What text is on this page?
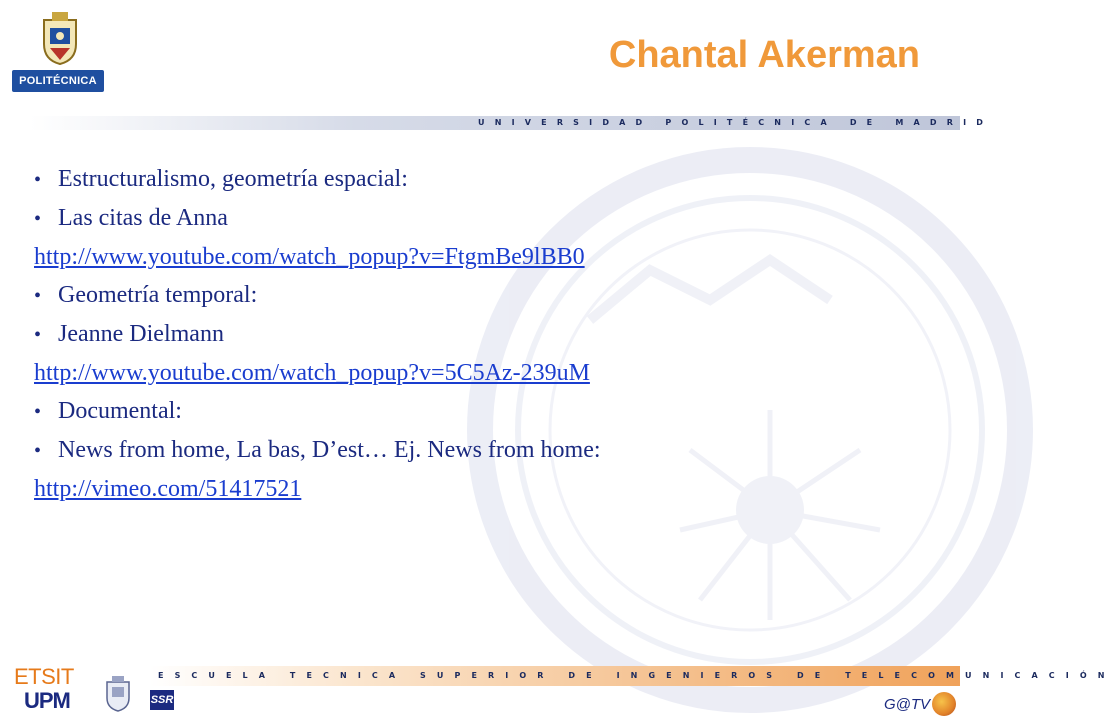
POLITÉCNICA
Chantal Akerman
UNIVERSIDAD POLITÉCNICA DE MADRID
• Estructuralismo, geometría espacial:
• Las citas de Anna
http://www.youtube.com/watch_popup?v=FtgmBe9lBB0
• Geometría temporal:
• Jeanne Dielmann
http://www.youtube.com/watch_popup?v=5C5Az-239uM
• Documental:
• News from home, La bas, D’est… Ej. News from home:
http://vimeo.com/51417521
ESCUELA TECNICA SUPERIOR DE INGENIEROS DE TELECOMUNICACIÓN
ETSIT
UPM	SSR	G@TV
